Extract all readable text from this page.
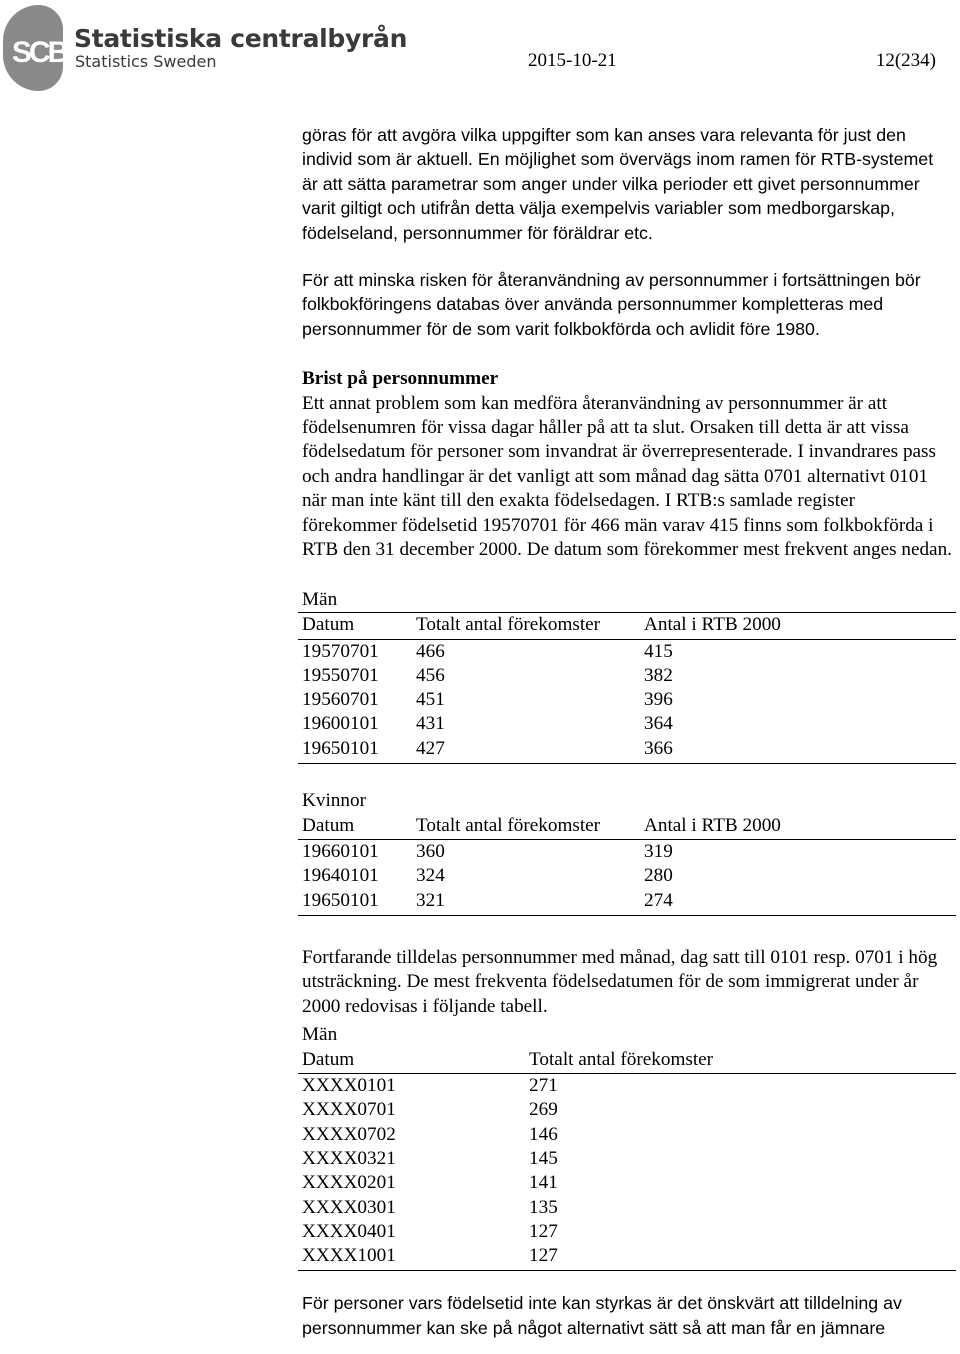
SCB Statistiska centralbyrån
Statistics Sweden	2015-10-21	12(234)

göras för att avgöra vilka uppgifter som kan anses vara relevanta för just den individ som är aktuell. En möjlighet som övervägs inom ramen för RTB-systemet är att sätta parametrar som anger under vilka perioder ett givet personnummer varit giltigt och utifrån detta välja exempelvis variabler som medborgarskap, födelseland, personnummer för föräldrar etc.

För att minska risken för återanvändning av personnummer i fortsättningen bör folkbokföringens databas över använda personnummer kompletteras med personnummer för de som varit folkbokförda och avlidit före 1980.

Brist på personnummer

Ett annat problem som kan medföra återanvändning av personnummer är att födelsenumren för vissa dagar håller på att ta slut. Orsaken till detta är att vissa födelsedatum för personer som invandrat är överrepresenterade. I invandrares pass och andra handlingar är det vanligt att som månad dag sätta 0701 alternativt 0101 när man inte känt till den exakta födelsedagen. I RTB:s samlade register förekommer födelsetid 19570701 för 466 män varav 415 finns som folkbokförda i RTB den 31 december 2000. De datum som förekommer mest frekvent anges nedan.

Män
Datum	Totalt antal förekomster	Antal i RTB 2000
19570701	466	415
19550701	456	382
19560701	451	396
19600101	431	364
19650101	427	366
Kvinnor
Datum	Totalt antal förekomster	Antal i RTB 2000
19660101	360	319
19640101	324	280
19650101	321	274

Fortfarande tilldelas personnummer med månad, dag satt till 0101 resp. 0701 i hög utsträckning. De mest frekventa födelsedatumen för de som immigrerat under år 2000 redovisas i följande tabell.

Män
Datum	Totalt antal förekomster
XXXX0101	271
XXXX0701	269
XXXX0702	146
XXXX0321	145
XXXX0201	141
XXXX0301	135
XXXX0401	127
XXXX1001	127

För personer vars födelsetid inte kan styrkas är det önskvärt att tilldelning av personnummer kan ske på något alternativt sätt så att man får en jämnare
